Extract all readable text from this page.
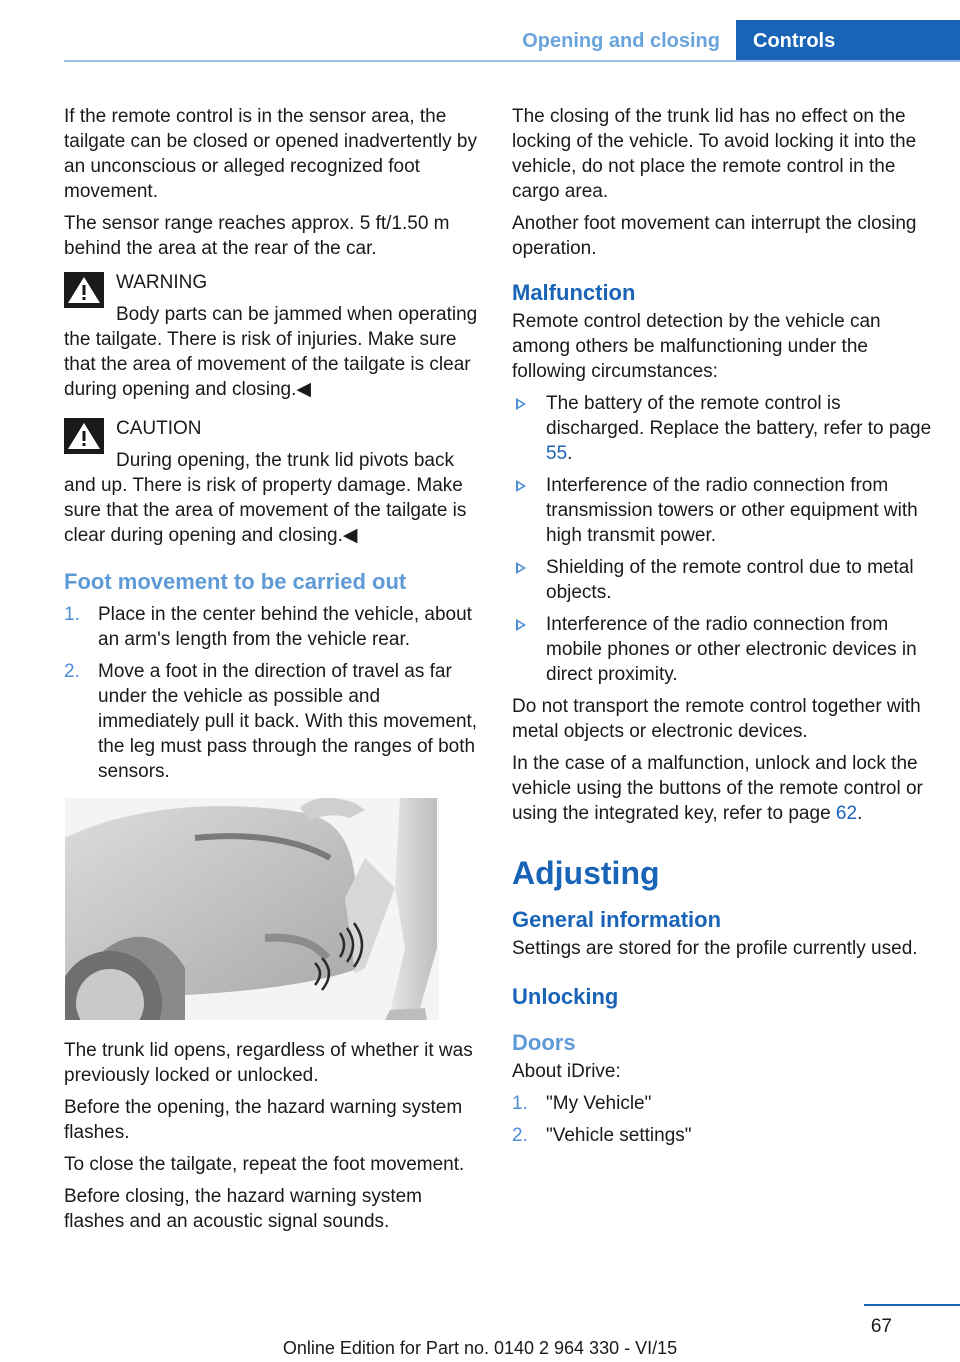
Opening and closing	Controls

If the remote control is in the sensor area, the tailgate can be closed or opened inadvertently by an unconscious or alleged recognized foot movement.

The sensor range reaches approx. 5 ft/1.50 m behind the area at the rear of the car.

WARNING

Body parts can be jammed when operating the tailgate. There is risk of injuries. Make sure that the area of movement of the tailgate is clear during opening and closing.◀

CAUTION

During opening, the trunk lid pivots back and up. There is risk of property damage. Make sure that the area of movement of the tailgate is clear during opening and closing.◀

Foot movement to be carried out
1. Place in the center behind the vehicle, about an arm's length from the vehicle rear.
2. Move a foot in the direction of travel as far under the vehicle as possible and immediately pull it back. With this movement, the leg must pass through the ranges of both sensors.

The trunk lid opens, regardless of whether it was previously locked or unlocked.

Before the opening, the hazard warning system flashes.

To close the tailgate, repeat the foot movement.

Before closing, the hazard warning system flashes and an acoustic signal sounds.

The closing of the trunk lid has no effect on the locking of the vehicle. To avoid locking it into the vehicle, do not place the remote control in the cargo area.

Another foot movement can interrupt the closing operation.

Malfunction

Remote control detection by the vehicle can among others be malfunctioning under the following circumstances:

The battery of the remote control is discharged. Replace the battery, refer to page 55.
Interference of the radio connection from transmission towers or other equipment with high transmit power.
Shielding of the remote control due to metal objects.
Interference of the radio connection from mobile phones or other electronic devices in direct proximity.

Do not transport the remote control together with metal objects or electronic devices.

In the case of a malfunction, unlock and lock the vehicle using the buttons of the remote control or using the integrated key, refer to page 62.

Adjusting
General information

Settings are stored for the profile currently used.

Unlocking
Doors

About iDrive:

1. "My Vehicle"
2. "Vehicle settings"
67
Online Edition for Part no. 0140 2 964 330 - VI/15
